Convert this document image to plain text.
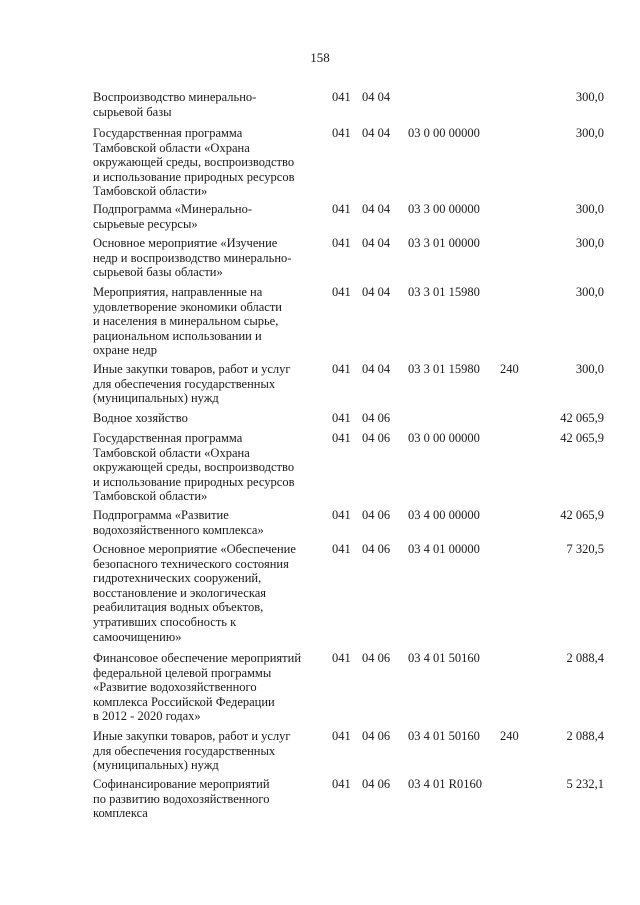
158
Воспроизводство минерально-
сырьевой базы
041 04 04	300,0
Государственная программа
Тамбовской области «Охрана
окружающей среды, воспроизводство
и использование природных ресурсов
Тамбовской области»
041 04 04 03 0 00 00000	300,0
Подпрограмма «Минерально-
сырьевые ресурсы»
041 04 04 03 3 00 00000	300,0
Основное мероприятие «Изучение
недр и воспроизводство минерально-
сырьевой базы области»
041 04 04 03 3 01 00000	300,0
Мероприятия, направленные на
удовлетворение экономики области
и населения в минеральном сырье,
рациональном использовании и
охране недр
041 04 04 03 3 01 15980	300,0
Иные закупки товаров, работ и услуг
для обеспечения государственных
(муниципальных) нужд
041 04 04 03 3 01 15980 240	300,0
Водное хозяйство	041 04 06	42 065,9
Государственная программа
Тамбовской области «Охрана
окружающей среды, воспроизводство
и использование природных ресурсов
Тамбовской области»
041 04 06 03 0 00 00000	42 065,9
Подпрограмма «Развитие
водохозяйственного комплекса»
041 04 06 03 4 00 00000	42 065,9
Основное мероприятие «Обеспечение
безопасного технического состояния
гидротехнических сооружений,
восстановление и экологическая
реабилитация водных объектов,
утративших способность к
самоочищению»
041 04 06 03 4 01 00000	7 320,5
Финансовое обеспечение мероприятий
федеральной целевой программы
«Развитие водохозяйственного
комплекса Российской Федерации
в 2012 - 2020 годах»
041 04 06 03 4 01 50160	2 088,4
Иные закупки товаров, работ и услуг
для обеспечения государственных
(муниципальных) нужд
041 04 06 03 4 01 50160 240	2 088,4
Софинансирование мероприятий
по развитию водохозяйственного
комплекса
041 04 06 03 4 01 R0160	5 232,1
